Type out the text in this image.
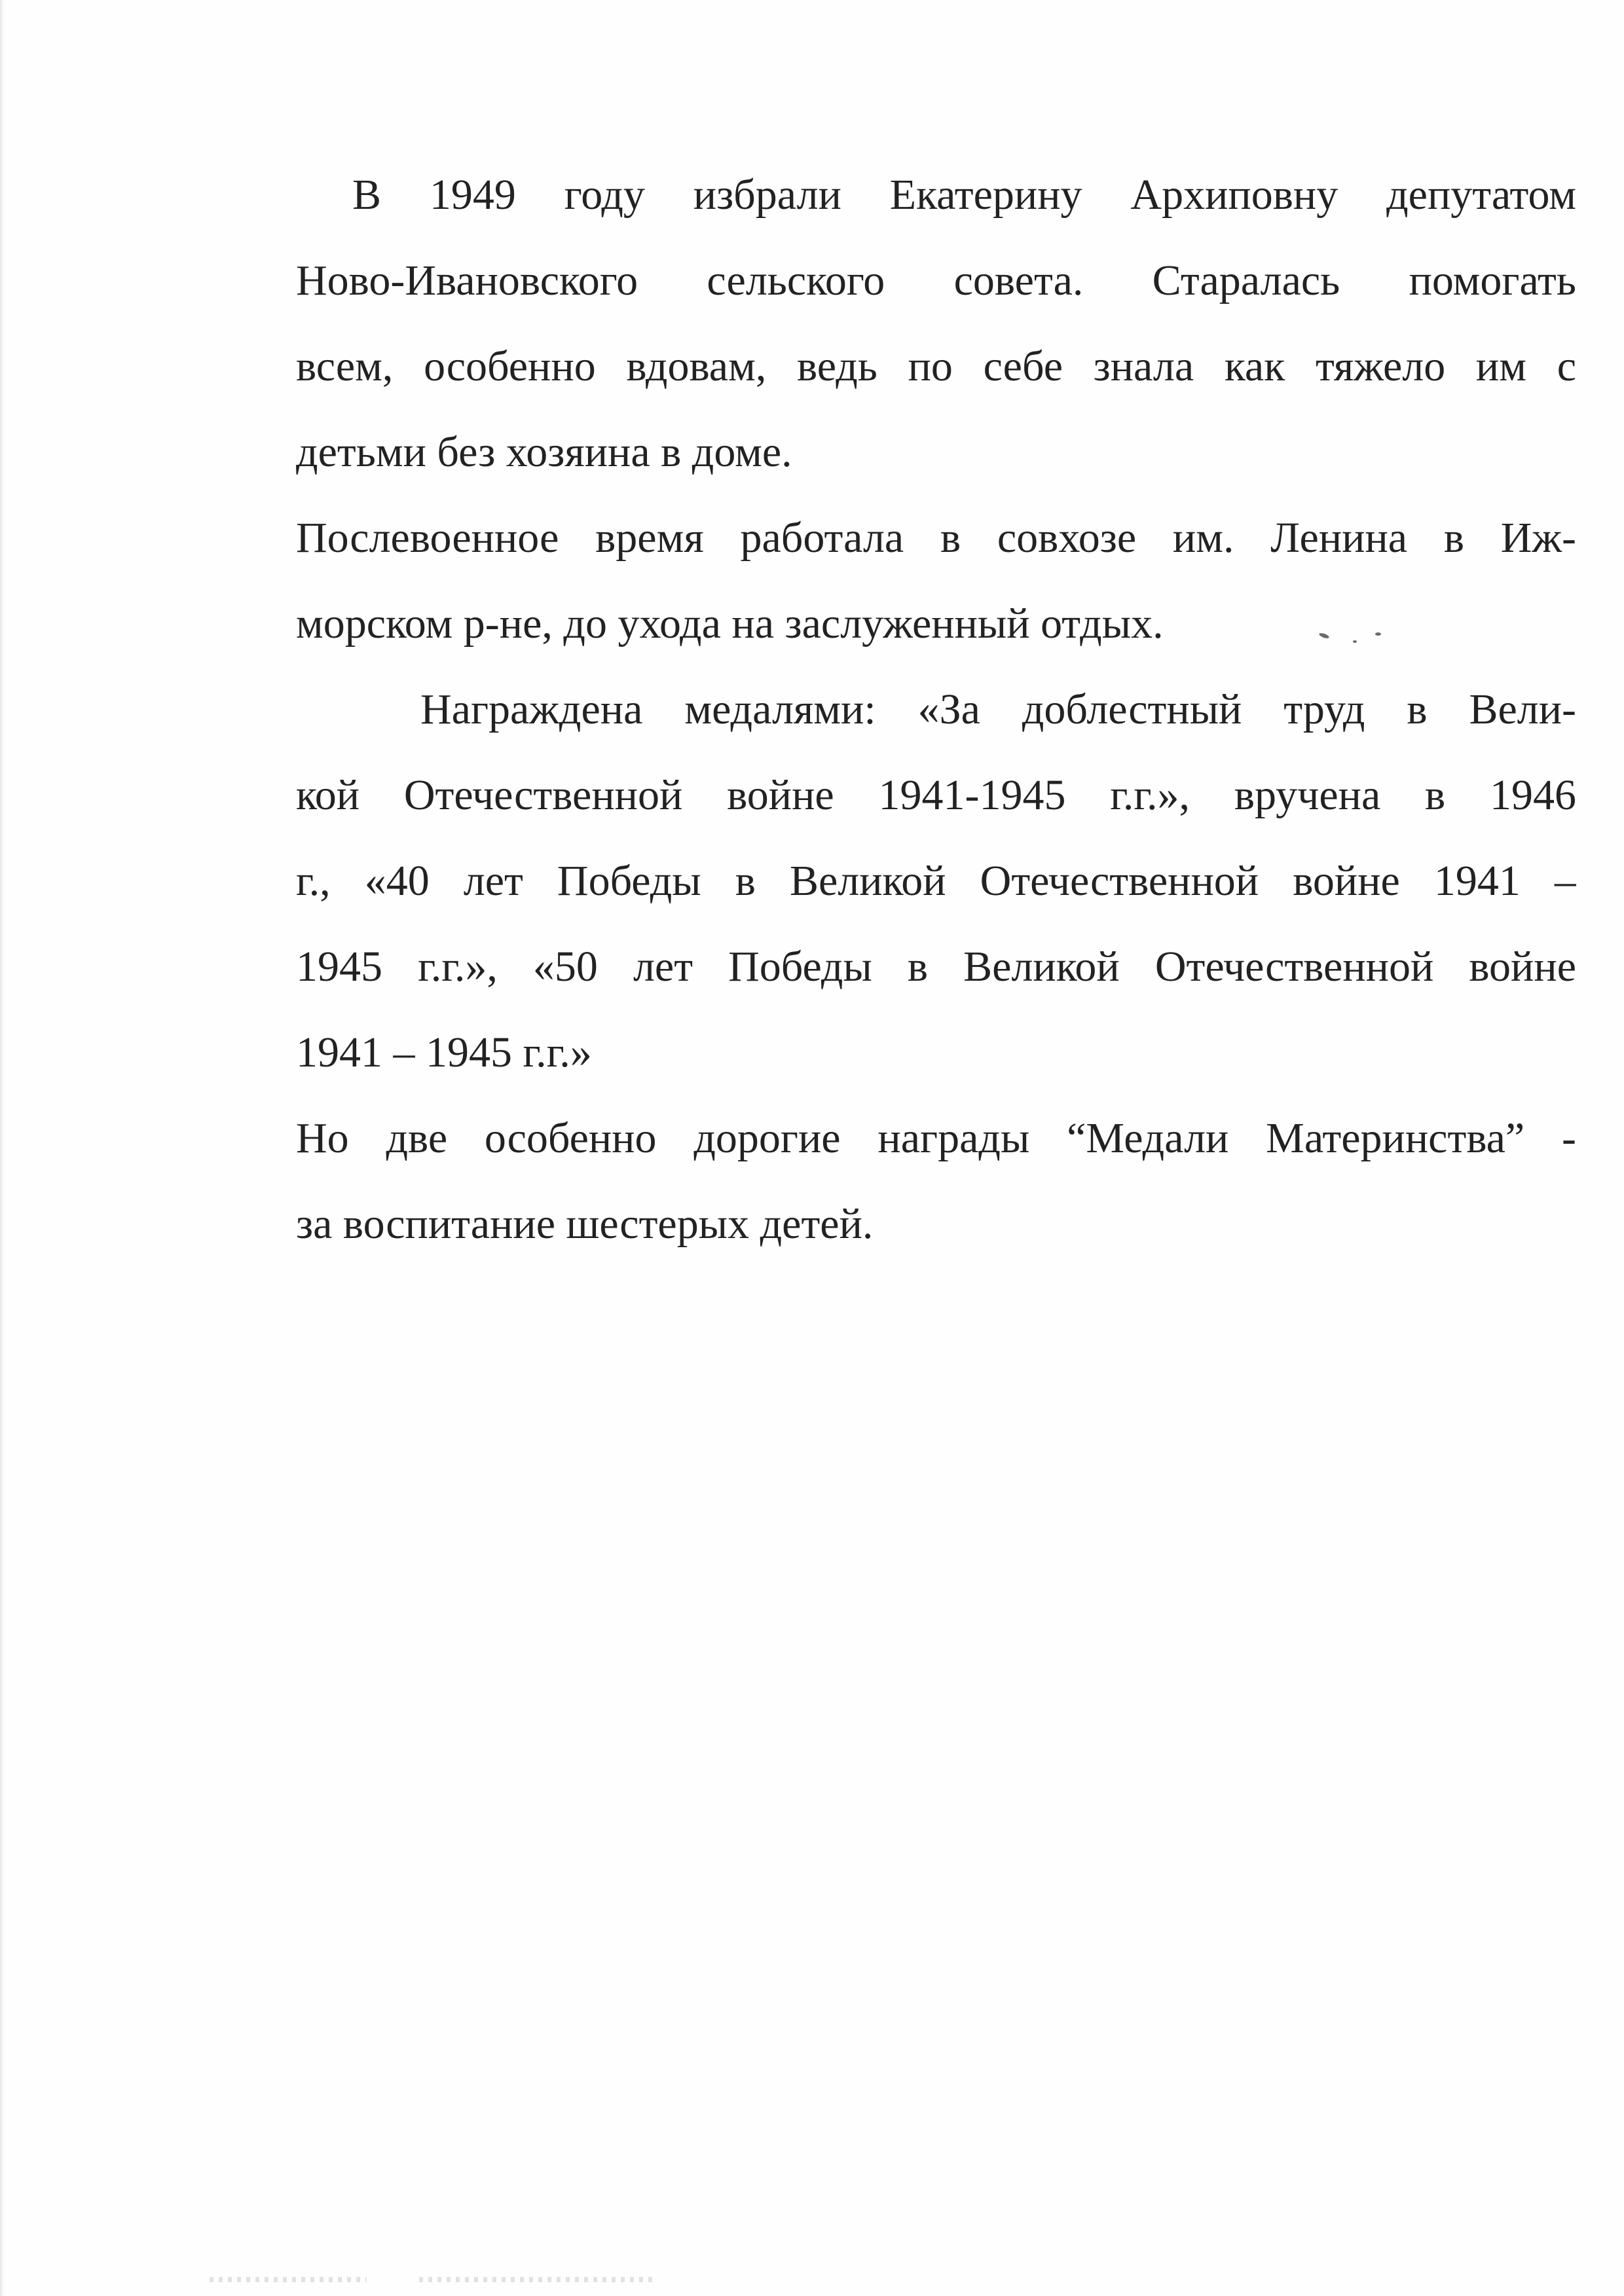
В 1949 году избрали Екатерину Архиповну депутатом
Ново-Ивановского сельского совета. Старалась помогать
всем, особенно вдовам, ведь по себе знала как тяжело им с
детьми без хозяина в доме.
Послевоенное время работала в совхозе им. Ленина в Иж-
морском р-не, до ухода на заслуженный отдых.
Награждена медалями: «За доблестный труд в Вели-
кой Отечественной войне 1941-1945 г.г.», вручена в 1946
г., «40 лет Победы в Великой Отечественной войне 1941 –
1945 г.г.», «50 лет Победы в Великой Отечественной войне
1941 – 1945 г.г.»
Но две особенно дорогие награды “Медали Материнства” -
за воспитание шестерых детей.
